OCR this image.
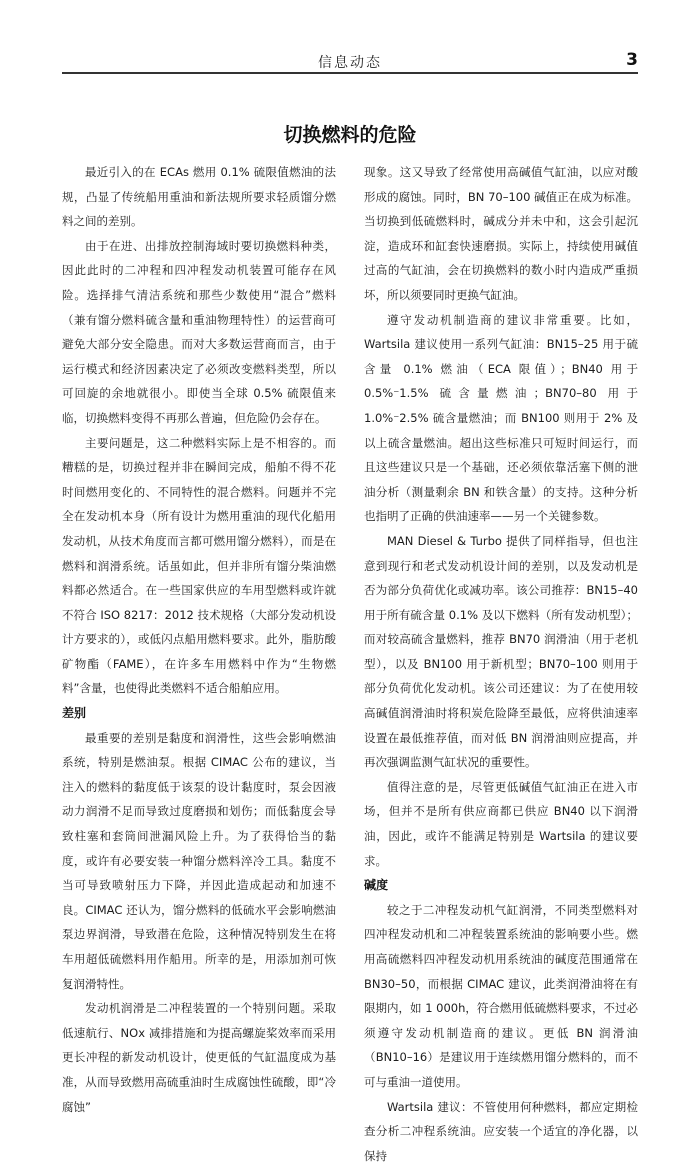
信息动态	3
切换燃料的危险

最近引入的在 ECAs 燃用 0.1% 硫限值燃油的法规，凸显了传统船用重油和新法规所要求轻质馏分燃料之间的差别。

由于在进、出排放控制海域时要切换燃料种类，因此此时的二冲程和四冲程发动机装置可能存在风险。选择排气清洁系统和那些少数使用“混合”燃料（兼有馏分燃料硫含量和重油物理特性）的运营商可避免大部分安全隐患。而对大多数运营商而言，由于运行模式和经济因素决定了必须改变燃料类型，所以可回旋的余地就很小。即使当全球 0.5% 硫限值来临，切换燃料变得不再那么普遍，但危险仍会存在。

主要问题是，这二种燃料实际上是不相容的。而糟糕的是，切换过程并非在瞬间完成，船舶不得不花时间燃用变化的、不同特性的混合燃料。问题并不完全在发动机本身（所有设计为燃用重油的现代化船用发动机，从技术角度而言都可燃用馏分燃料），而是在燃料和润滑系统。话虽如此，但并非所有馏分柴油燃料都必然适合。在一些国家供应的车用型燃料或许就不符合 ISO 8217：2012 技术规格（大部分发动机设计方要求的），或低闪点船用燃料要求。此外，脂肪酸矿物酯（FAME），在许多车用燃料中作为“生物燃料”含量，也使得此类燃料不适合船舶应用。

差别

最重要的差别是黏度和润滑性，这些会影响燃油系统，特别是燃油泵。根据 CIMAC 公布的建议，当注入的燃料的黏度低于该泵的设计黏度时，泵会因液动力润滑不足而导致过度磨损和划伤；而低黏度会导致柱塞和套筒间泄漏风险上升。为了获得恰当的黏度，或许有必要安装一种馏分燃料淬冷工具。黏度不当可导致喷射压力下降，并因此造成起动和加速不良。CIMAC 还认为，馏分燃料的低硫水平会影响燃油泵边界润滑，导致潜在危险，这种情况特别发生在将车用超低硫燃料用作船用。所幸的是，用添加剂可恢复润滑特性。

发动机润滑是二冲程装置的一个特别问题。采取低速航行、NOx 减排措施和为提高螺旋桨效率而采用更长冲程的新发动机设计，使更低的气缸温度成为基准，从而导致燃用高硫重油时生成腐蚀性硫酸，即“冷腐蚀”

现象。这又导致了经常使用高碱值气缸油，以应对酸形成的腐蚀。同时，BN 70–100 碱值正在成为标准。当切换到低硫燃料时，碱成分并未中和，这会引起沉淀，造成环和缸套快速磨损。实际上，持续使用碱值过高的气缸油，会在切换燃料的数小时内造成严重损坏，所以须要同时更换气缸油。

遵守发动机制造商的建议非常重要。比如，Wartsila 建议使用一系列气缸油：BN15–25 用于硫含量 0.1% 燃油（ECA 限值）；BN40 用于 0.5%⁻1.5% 硫含量燃油；BN70–80 用于 1.0%⁻2.5% 硫含量燃油；而 BN100 则用于 2% 及以上硫含量燃油。超出这些标准只可短时间运行，而且这些建议只是一个基础，还必须依靠活塞下侧的泄油分析（测量剩余 BN 和铁含量）的支持。这种分析也指明了正确的供油速率——另一个关键参数。

MAN Diesel & Turbo 提供了同样指导，但也注意到现行和老式发动机设计间的差别，以及发动机是否为部分负荷优化或减功率。该公司推荐：BN15–40 用于所有硫含量 0.1% 及以下燃料（所有发动机型）；而对较高硫含量燃料，推荐 BN70 润滑油（用于老机型），以及 BN100 用于新机型；BN70–100 则用于部分负荷优化发动机。该公司还建议：为了在使用较高碱值润滑油时将积炭危险降至最低，应将供油速率设置在最低推荐值，而对低 BN 润滑油则应提高，并再次强调监测气缸状况的重要性。

值得注意的是，尽管更低碱值气缸油正在进入市场，但并不是所有供应商都已供应 BN40 以下润滑油，因此，或许不能满足特别是 Wartsila 的建议要求。

碱度

较之于二冲程发动机气缸润滑，不同类型燃料对四冲程发动机和二冲程装置系统油的影响要小些。燃用高硫燃料四冲程发动机用系统油的碱度范围通常在 BN30–50，而根据 CIMAC 建议，此类润滑油将在有限期内，如 1 000h，符合燃用低硫燃料要求，不过必须遵守发动机制造商的建议。更低 BN 润滑油（BN10–16）是建议用于连续燃用馏分燃料的，而不可与重油一道使用。

Wartsila 建议：不管使用何种燃料，都应定期检查分析二冲程系统油。应安装一个适宜的净化器，以保持
